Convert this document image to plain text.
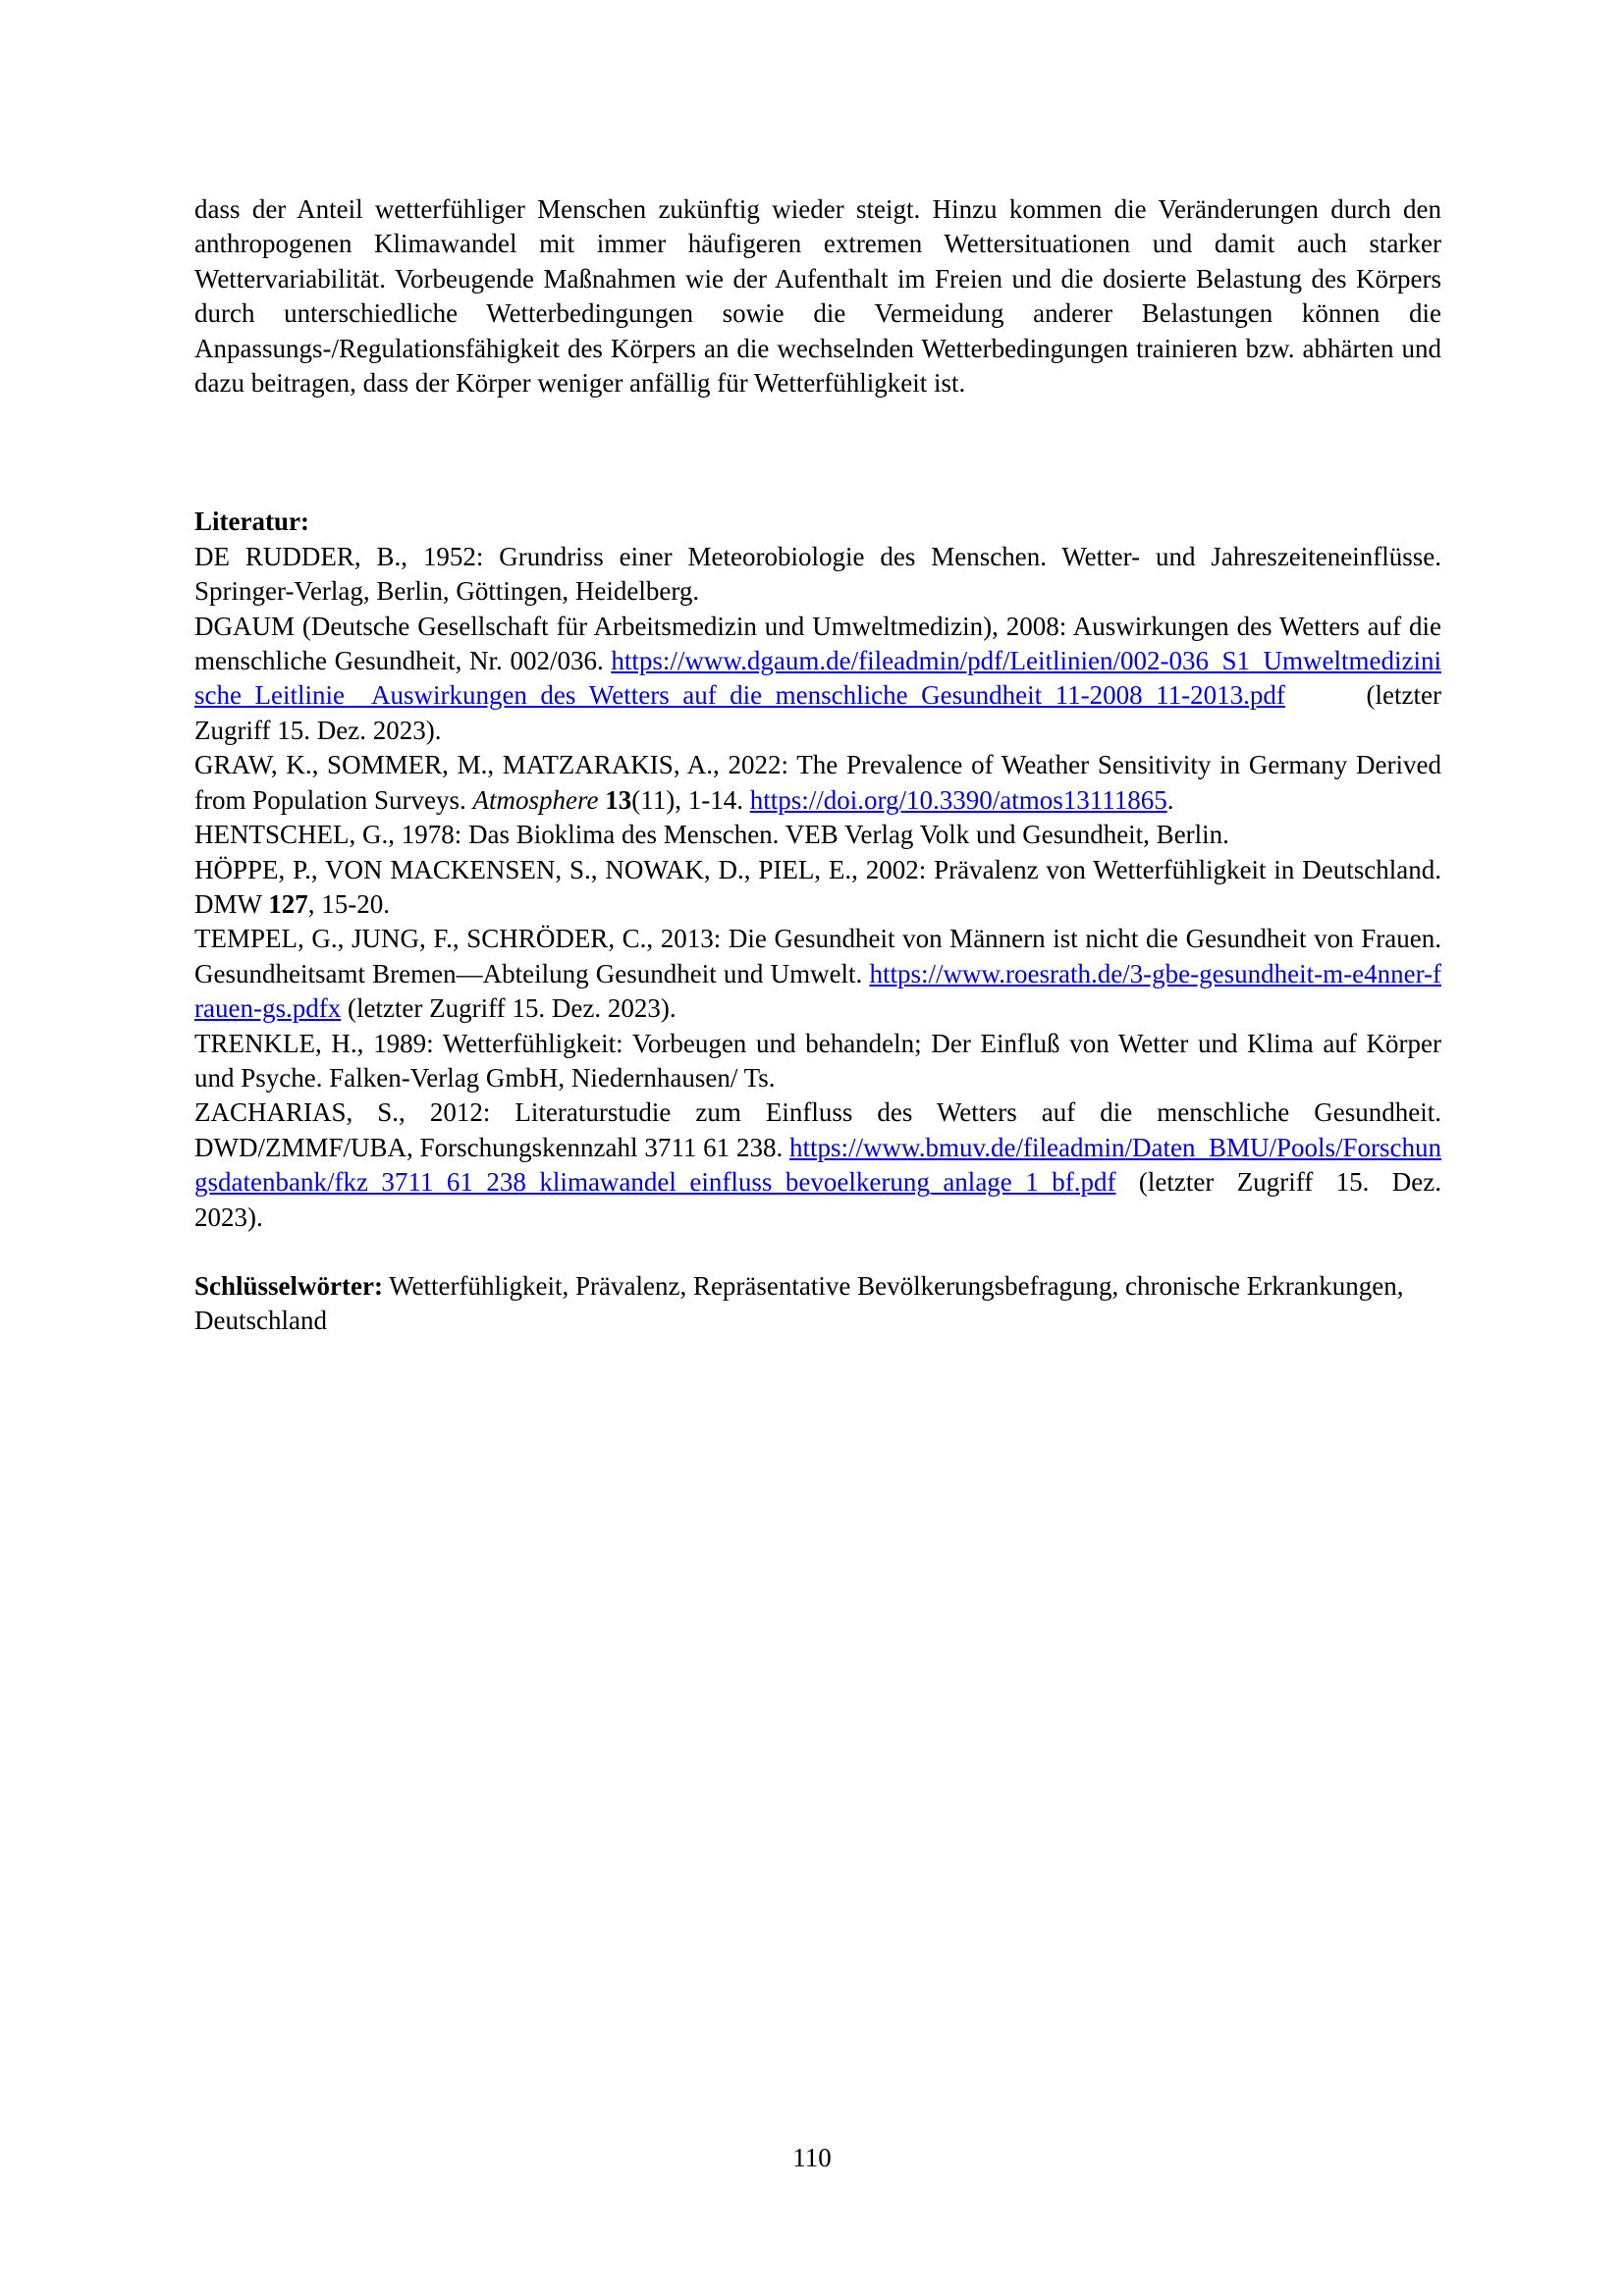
dass der Anteil wetterfühliger Menschen zukünftig wieder steigt. Hinzu kommen die Veränderungen durch den anthropogenen Klimawandel mit immer häufigeren extremen Wettersituationen und damit auch starker Wettervariabilität. Vorbeugende Maßnahmen wie der Aufenthalt im Freien und die dosierte Belastung des Körpers durch unterschiedliche Wetterbedingungen sowie die Vermeidung anderer Belastungen können die Anpassungs-/Regulationsfähigkeit des Körpers an die wechselnden Wetterbedingungen trainieren bzw. abhärten und dazu beitragen, dass der Körper weniger anfällig für Wetterfühligkeit ist.

Literatur:

DE RUDDER, B., 1952: Grundriss einer Meteorobiologie des Menschen. Wetter- und Jahreszeiteneinflüsse. Springer-Verlag, Berlin, Göttingen, Heidelberg.

DGAUM (Deutsche Gesellschaft für Arbeitsmedizin und Umweltmedizin), 2008: Auswirkungen des Wetters auf die menschliche Gesundheit, Nr. 002/036. https://www.dgaum.de/fileadmin/pdf/Leitlinien/002-036_S1_Umweltmedizinische_Leitlinie__Auswirkungen_des_Wetters_auf_die_menschliche_Gesundheit_11-2008_11-2013.pdf	(letzter Zugriff 15. Dez. 2023).

GRAW, K., SOMMER, M., MATZARAKIS, A., 2022: The Prevalence of Weather Sensitivity in Germany Derived from Population Surveys. Atmosphere 13(11), 1-14. https://doi.org/10.3390/atmos13111865.

HENTSCHEL, G., 1978: Das Bioklima des Menschen. VEB Verlag Volk und Gesundheit, Berlin.

HÖPPE, P., VON MACKENSEN, S., NOWAK, D., PIEL, E., 2002: Prävalenz von Wetterfühligkeit in Deutschland. DMW 127, 15-20.

TEMPEL, G., JUNG, F., SCHRÖDER, C., 2013: Die Gesundheit von Männern ist nicht die Gesundheit von Frauen. Gesundheitsamt Bremen—Abteilung Gesundheit und Umwelt. https://www.roesrath.de/3-gbe-gesundheit-m-e4nner-frauen-gs.pdfx (letzter Zugriff 15. Dez. 2023).

TRENKLE, H., 1989: Wetterfühligkeit: Vorbeugen und behandeln; Der Einfluß von Wetter und Klima auf Körper und Psyche. Falken-Verlag GmbH, Niedernhausen/ Ts.

ZACHARIAS, S., 2012: Literaturstudie zum Einfluss des Wetters auf die menschliche Gesundheit. DWD/ZMMF/UBA, Forschungskennzahl 3711 61 238. https://www.bmuv.de/fileadmin/Daten_BMU/Pools/Forschungsdatenbank/fkz_3711_61_238_klimawandel_einfluss_bevoelkerung_anlage_1_bf.pdf (letzter Zugriff 15. Dez. 2023).

Schlüsselwörter: Wetterfühligkeit, Prävalenz, Repräsentative Bevölkerungsbefragung, chronische Erkrankungen, Deutschland

110
